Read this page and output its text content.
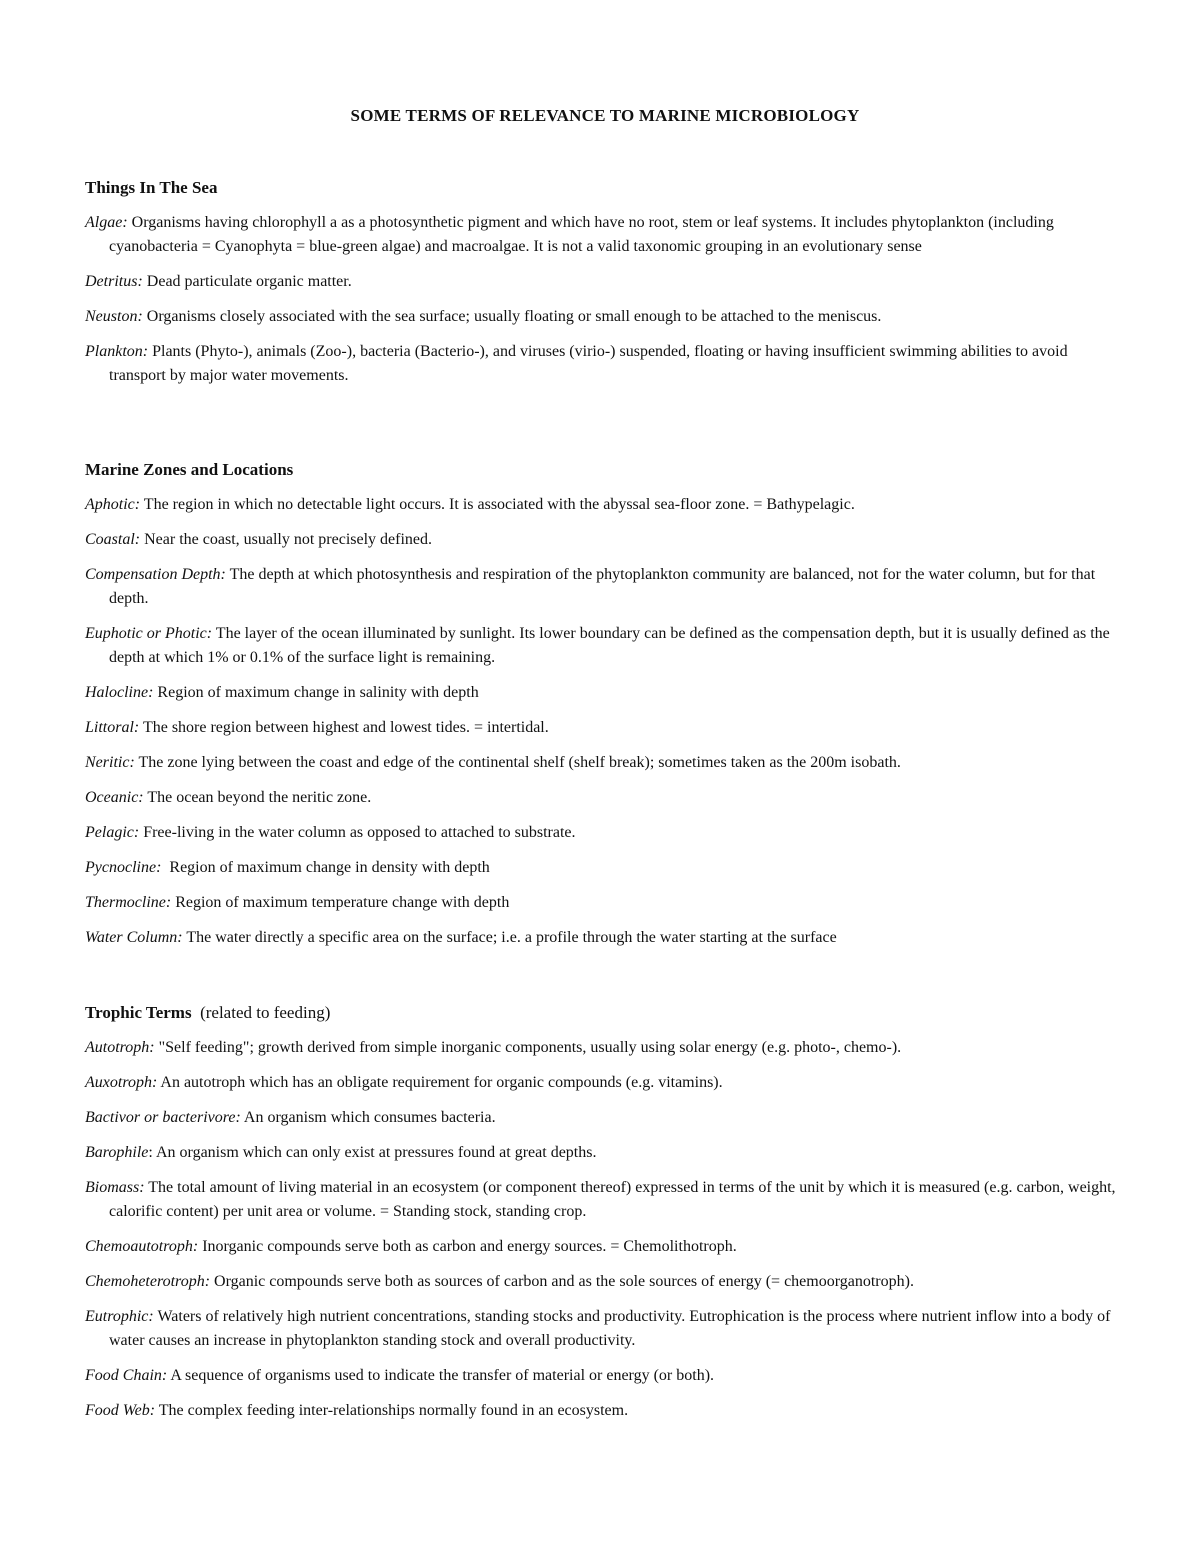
SOME TERMS OF RELEVANCE TO MARINE MICROBIOLOGY
Things In The Sea
Algae: Organisms having chlorophyll a as a photosynthetic pigment and which have no root, stem or leaf systems. It includes phytoplankton (including cyanobacteria = Cyanophyta = blue-green algae) and macroalgae. It is not a valid taxonomic grouping in an evolutionary sense
Detritus: Dead particulate organic matter.
Neuston: Organisms closely associated with the sea surface; usually floating or small enough to be attached to the meniscus.
Plankton: Plants (Phyto-), animals (Zoo-), bacteria (Bacterio-), and viruses (virio-) suspended, floating or having insufficient swimming abilities to avoid transport by major water movements.
Marine Zones and Locations
Aphotic: The region in which no detectable light occurs. It is associated with the abyssal sea-floor zone. = Bathypelagic.
Coastal: Near the coast, usually not precisely defined.
Compensation Depth: The depth at which photosynthesis and respiration of the phytoplankton community are balanced, not for the water column, but for that depth.
Euphotic or Photic: The layer of the ocean illuminated by sunlight. Its lower boundary can be defined as the compensation depth, but it is usually defined as the depth at which 1% or 0.1% of the surface light is remaining.
Halocline: Region of maximum change in salinity with depth
Littoral: The shore region between highest and lowest tides. = intertidal.
Neritic: The zone lying between the coast and edge of the continental shelf (shelf break); sometimes taken as the 200m isobath.
Oceanic: The ocean beyond the neritic zone.
Pelagic: Free-living in the water column as opposed to attached to substrate.
Pycnocline:  Region of maximum change in density with depth
Thermocline: Region of maximum temperature change with depth
Water Column: The water directly a specific area on the surface; i.e. a profile through the water starting at the surface
Trophic Terms  (related to feeding)
Autotroph: "Self feeding"; growth derived from simple inorganic components, usually using solar energy (e.g. photo-, chemo-).
Auxotroph: An autotroph which has an obligate requirement for organic compounds (e.g. vitamins).
Bactivor or bacterivore: An organism which consumes bacteria.
Barophile: An organism which can only exist at pressures found at great depths.
Biomass: The total amount of living material in an ecosystem (or component thereof) expressed in terms of the unit by which it is measured (e.g. carbon, weight, calorific content) per unit area or volume. = Standing stock, standing crop.
Chemoautotroph: Inorganic compounds serve both as carbon and energy sources. = Chemolithotroph.
Chemoheterotroph: Organic compounds serve both as sources of carbon and as the sole sources of energy (= chemoorganotroph).
Eutrophic: Waters of relatively high nutrient concentrations, standing stocks and productivity. Eutrophication is the process where nutrient inflow into a body of water causes an increase in phytoplankton standing stock and overall productivity.
Food Chain: A sequence of organisms used to indicate the transfer of material or energy (or both).
Food Web: The complex feeding inter-relationships normally found in an ecosystem.
